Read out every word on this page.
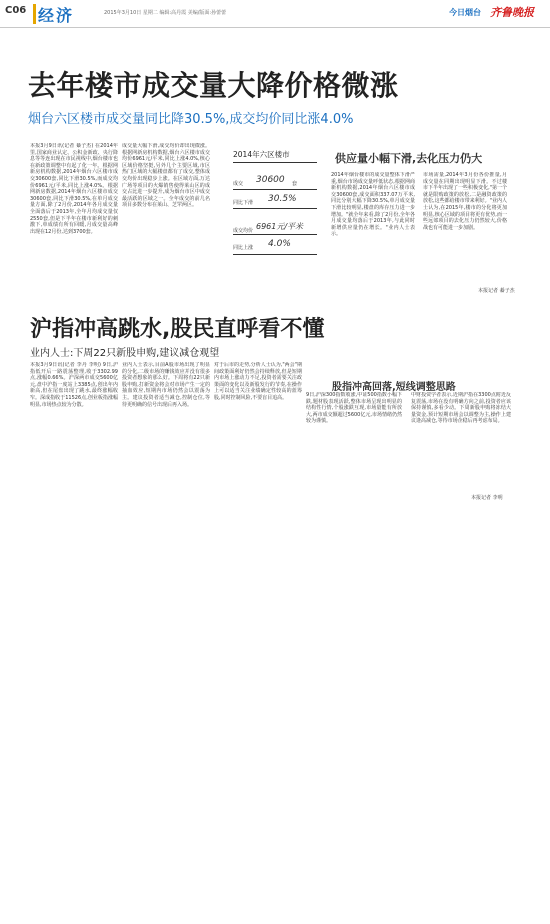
C06 经济	2015年3月10日 星期二 编辑:高丹霞 美编/版面:孙蕾蕾	今日烟台 齐鲁晚报
去年楼市成交量大降价格微涨
烟台六区楼市成交量同比降30.5%,成交均价同比涨4.0%
本报3月9日讯(记者 綦子杰) 在2014年里,国家商业认定、公积金新政、央行降息等等连出现在市民视线中,烟台楼市也在新政策调整中有起了化一年。根据网新房机构数据,2014年烟台六区楼市成交30600套,同比下滑30.5%,而成交均价6961元/平米,同比上涨4.0%。根据网新房数据,2014年烟台六区楼市成交30600套,同比下滑30.5%,在单月成交量方面,除了2月份,2014年各月成交量全面落后于2013年,全年月均成交量仅2550套,但是下半年在楼市新利好的刺激下,单成绩有所有回暖,月成交量高峰出现在12月份,达到3700套。
成交量大幅下滑,成交均价却出现微涨。根据网新房机构数据,烟台六区楼市成交均价6961元/平米,同比上涨4.0%,核心区域价格坚挺,另外几个主要区域,市区热门区域的大幅楼盘都有了成交,整体成交均价出现稳步上涨。在区域方面,万达广场等项目的火爆销售使得莱山区的成交占比进一步提升,成为烟台市区中成交最活跃的区域之一。全年成交的前几名项目多数分布在莱山、芝罘两区。
2014年六区楼市
成交 30600 套
同比下滑 30.5%
成交均价 6961元/平米
同比上涨 4.0%
供应量小幅下滑,去化压力仍大
2014年烟台楼市的成交量整体下滑严重,烟台市场成交量呼低状态,根据网商新机构数据,2014年烟台六区楼市成交30600套,成交面积337.07万平米,同比分别大幅下降30.5%,单月成交量下滑比较明显,楼盘的库存压力进一步增加。"就全年来看,除了2月份,全年各月成交量均落后于2013年,与此同时新增供应量仍在增长。"业内人士表示。
市场需量,2014年3月份各份推量,月成交量在同期出现明显下滑。不过楼市下半年出现了一些积极变化,"第一个就是限购政策的放松,二是融资政策的放松,这些都给楼市带来利好。"业内人士认为,在2015年,楼市的分化将更加明显,核心区域的项目将更有优势,而一些远郊项目的去化压力仍然较大,价格战也有可能进一步加剧。
本报记者 綦子杰
沪指冲高跳水,股民直呼看不懂
业内人士:下周22只新股申购,建议减仓观望
本报3月9日讯(记者 李丹 李明) 9日,沪指低开后一路震荡整理,收于3302.99点,涨幅0.66%。沪深两市成交5600亿元,盘中沪指一度站上3385点,创出年内新高,但在尾盘出现了跳水,最终涨幅收窄。深成指收于11526点,创业板指涨幅明显,市场热点较为分散。
业内人士表示,目前A股市场出现了明显的分化,二级市场的赚钱效应并没有很多投资者想象的那么好。下周将有22只新股申购,打新资金将会对市场产生一定的抽血效应,短期内市场仍然会以震荡为主。建议投资者适当减仓,控制仓位,等待更明确的信号出现后再入场。
对于后市的走势,分析人士认为,"两会"期间政策面利好仍然会持续释放,但是短期内市场上涨动力不足,投资者需要关注政策面的变化以及新股发行的节奏,在操作上可以适当关注业绩确定性较高的蓝筹股,同时控制风险,不要盲目追高。
股指冲高回落,短线调整思路
9日,沪深300指数收涨,中证500指数小幅下跌,题材股表现活跃,整体市场呈现出明显的结构性行情,个股涨跌互现,市场量能有所放大,两市成交额超过5600亿元,市场情绪仍然较为谨慎。
中财投资学者表示,近期沪指在3300点附近反复震荡,市场在没有明确方向之前,投资者应该保持谨慎,多看少动。下周新股申购将冻结大量资金,预计短期市场会以调整为主,操作上建议逢高减仓,等待市场企稳后再考虑布局。
本报记者 李明
